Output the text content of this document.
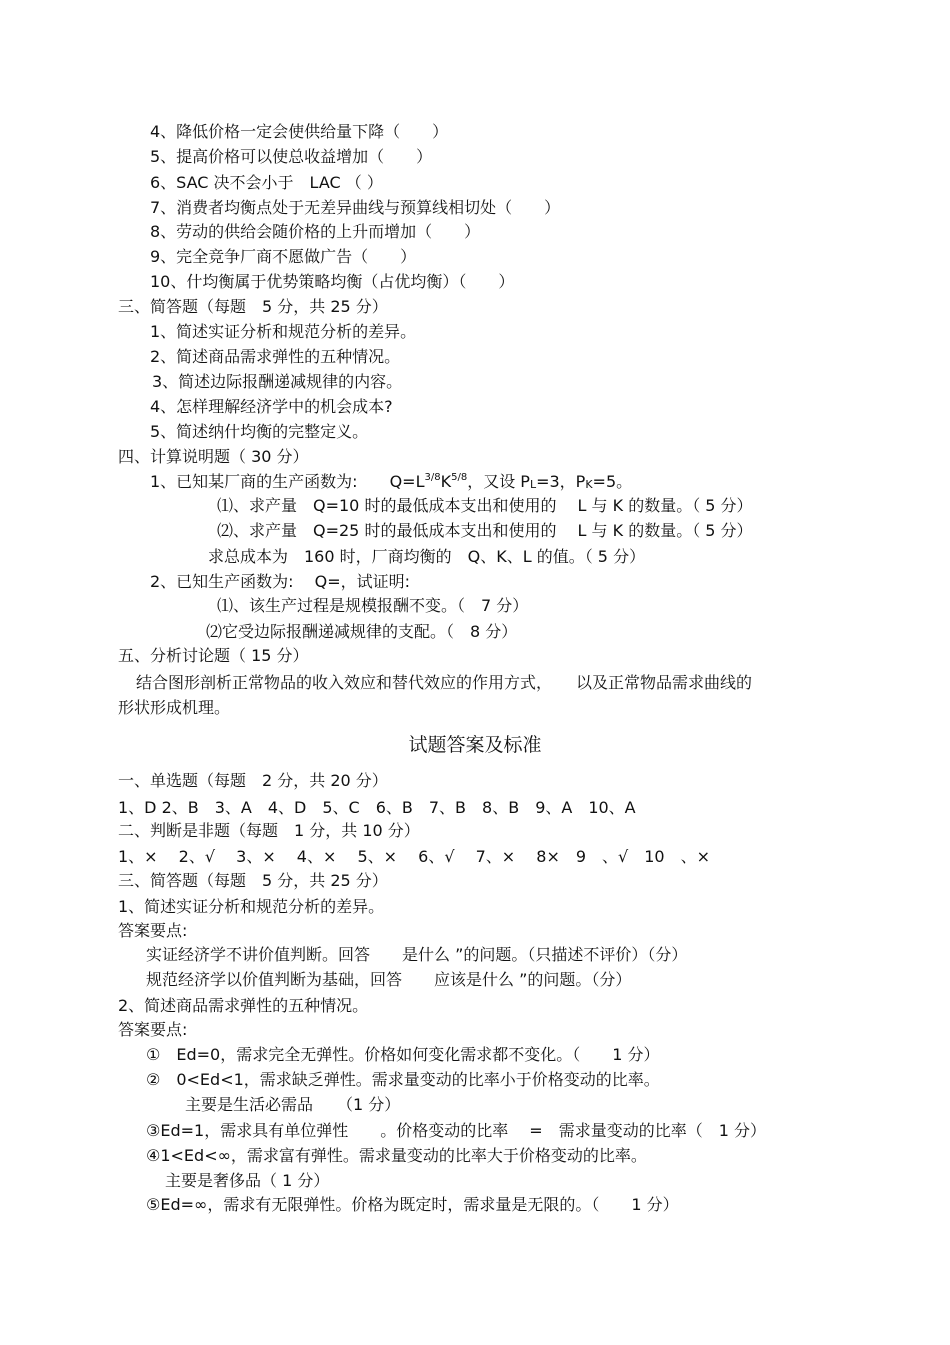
4、降低价格一定会使供给量下降（　　）
5、提高价格可以使总收益增加（　　）
6、SAC 决不会小于　LAC （ ）
7、消费者均衡点处于无差异曲线与预算线相切处（　　）
8、劳动的供给会随价格的上升而增加（　　）
9、完全竞争厂商不愿做广告（　　）
10、什均衡属于优势策略均衡（占优均衡）（　　）
三、简答题（每题　5 分，共 25 分）
1、简述实证分析和规范分析的差异。
2、简述商品需求弹性的五种情况。
3、简述边际报酬递减规律的内容。
4、怎样理解经济学中的机会成本?
5、简述纳什均衡的完整定义。
四、计算说明题（ 30 分）
1、已知某厂商的生产函数为:　　$Q=L^{3/8}K^{5/8}$，又设 $P_L=3$，$P_K=5$。
⑴、求产量　Q=10 时的最低成本支出和使用的　 L 与 K 的数量。（ 5 分）
⑵、求产量　Q=25 时的最低成本支出和使用的　 L 与 K 的数量。（ 5 分）
求总成本为　160 时，厂商均衡的　Q、K、L 的值。（ 5 分）
2、已知生产函数为:　 Q=，试证明:
⑴、该生产过程是规模报酬不变。（　7 分）
⑵它受边际报酬递减规律的支配。（　8 分）
五、分析讨论题（ 15 分）
结合图形剖析正常物品的收入效应和替代效应的作用方式，　　以及正常物品需求曲线的
形状形成机理。
试题答案及标准
一、单选题（每题　2 分，共 20 分）
1、D 2、B　3、A　4、D　5、C　6、B　7、B　8、B　9、A　10、A
二、判断是非题（每题　1 分，共 10 分）
1、×　 2、√　 3、×　 4、×　 5、×　 6、√　 7、×　 8×　9　、√　10　、×
三、简答题（每题　5 分，共 25 分）
1、简述实证分析和规范分析的差异。
答案要点:
实证经济学不讲价值判断。回答　　是什么 ”的问题。（只描述不评价）（分）
规范经济学以价值判断为基础，回答　　应该是什么 ”的问题。（分）
2、简述商品需求弹性的五种情况。
答案要点:
①　Ed=0，需求完全无弹性。价格如何变化需求都不变化。（　　1 分）
②　0<Ed<1，需求缺乏弹性。需求量变动的比率小于价格变动的比率。
主要是生活必需品　　（1 分）
③Ed=1，需求具有单位弹性　　。价格变动的比率　 =　需求量变动的比率（　1 分）
④1<Ed<∞，需求富有弹性。需求量变动的比率大于价格变动的比率。
主要是奢侈品（ 1 分）
⑤Ed=∞，需求有无限弹性。价格为既定时，需求量是无限的。（　　1 分）
